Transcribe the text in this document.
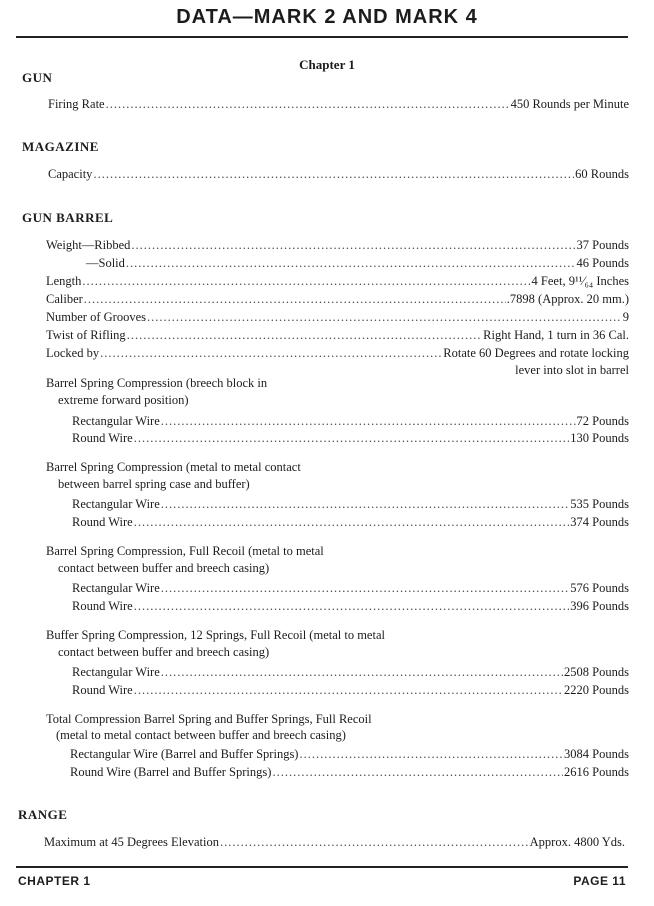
DATA—MARK 2 AND MARK 4
Chapter 1
GUN
Firing Rate .....	450 Rounds per Minute
MAGAZINE
Capacity .....	60 Rounds
GUN BARREL
Weight—Ribbed .....	37 Pounds
—Solid .....	46 Pounds
Length .....	4 Feet, 9¹¹⁄₆₄ Inches
Caliber .....	.7898 (Approx. 20 mm.)
Number of Grooves .....	9
Twist of Rifling .....	Right Hand, 1 turn in 36 Cal.
Locked by .....	Rotate 60 Degrees and rotate locking
lever into slot in barrel
Barrel Spring Compression (breech block in
extreme forward position)
Rectangular Wire .....	72 Pounds
Round Wire .....	130 Pounds
Barrel Spring Compression (metal to metal contact
between barrel spring case and buffer)
Rectangular Wire .....	535 Pounds
Round Wire .....	374 Pounds
Barrel Spring Compression, Full Recoil (metal to metal
contact between buffer and breech casing)
Rectangular Wire .....	576 Pounds
Round Wire .....	396 Pounds
Buffer Spring Compression, 12 Springs, Full Recoil (metal to metal
contact between buffer and breech casing)
Rectangular Wire .....	2508 Pounds
Round Wire .....	2220 Pounds
Total Compression Barrel Spring and Buffer Springs, Full Recoil
(metal to metal contact between buffer and breech casing)
Rectangular Wire (Barrel and Buffer Springs) .....	3084 Pounds
Round Wire (Barrel and Buffer Springs) .....	2616 Pounds
RANGE
Maximum at 45 Degrees Elevation .....	Approx. 4800 Yds.
CHAPTER 1	PAGE 11
